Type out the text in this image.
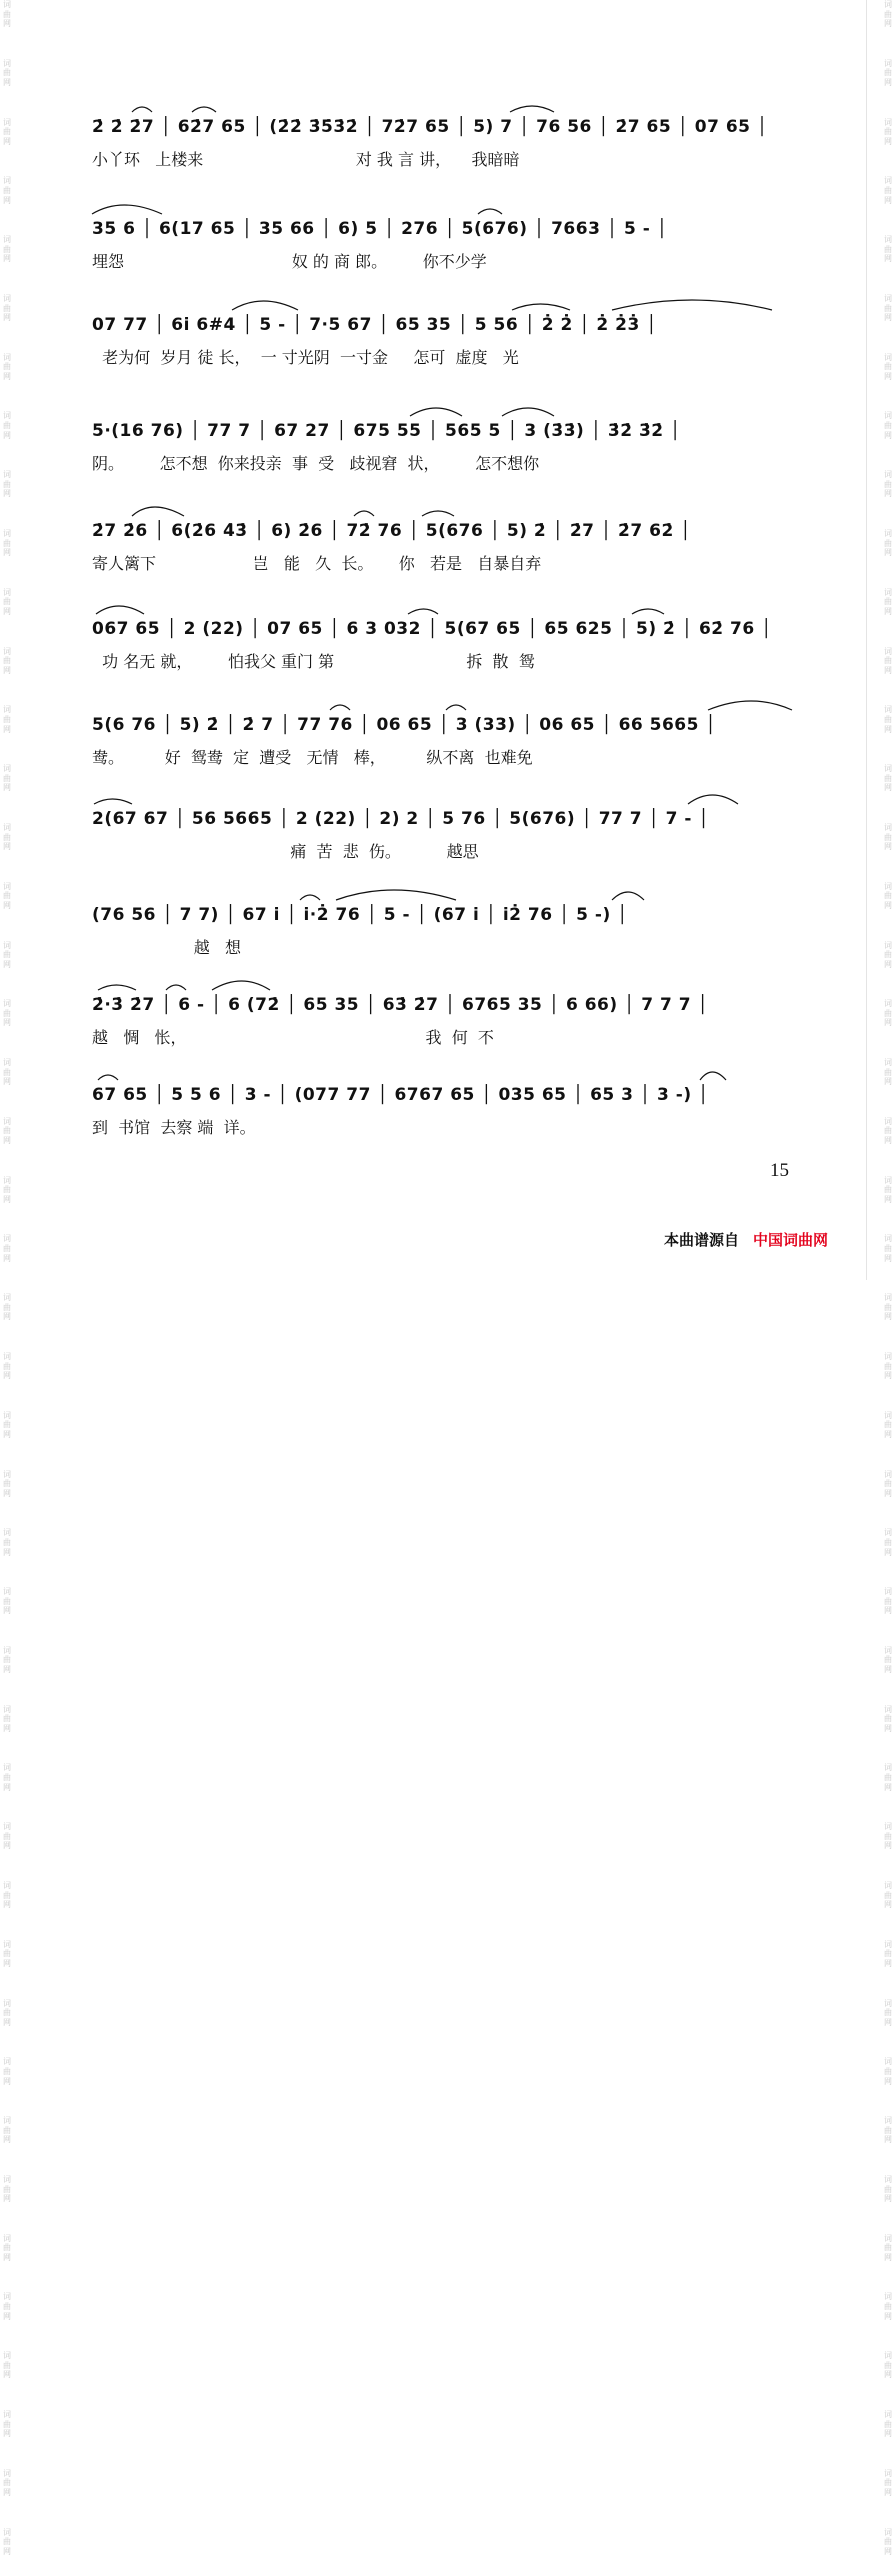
词
曲
网
词
曲
网
词
曲
网
词
曲
网
词
曲
网
词
曲
网
词
曲
网
词
曲
网
词
曲
网
词
曲
网
词
曲
网
词
曲
网
词
曲
网
词
曲
网
词
曲
网
词
曲
网
词
曲
网
词
曲
网
词
曲
网
词
曲
网
词
曲
网
词
曲
网
词
曲
网
词
曲
网
词
曲
网
词
曲
网
词
曲
网
词
曲
网
词
曲
网
词
曲
网
词
曲
网
词
曲
网
词
曲
网
词
曲
网
词
曲
网
词
曲
网
词
曲
网
词
曲
网
词
曲
网
词
曲
网
词
曲
网
词
曲
网
词
曲
网
词
曲
网
词
曲
网
词
曲
网
词
曲
网
词
曲
网
词
曲
网
词
曲
网
词
曲
网
词
曲
网
词
曲
网
词
曲
网
词
曲
网
词
曲
网
词
曲
网
词
曲
网
词
曲
网
词
曲
网
词
曲
网
词
曲
网
词
曲
网
词
曲
网
词
曲
网
词
曲
网
词
曲
网
词
曲
网
词
曲
网
词
曲
网
词
曲
网
词
曲
网
词
曲
网
词
曲
网
词
曲
网
词
曲
网
词
曲
网
词
曲
网
词
曲
网
词
曲
网
词
曲
网
词
曲
网
词
曲
网
词
曲
网
词
曲
网
词
曲
网
词
曲
网
词
曲
网
2̇ 2̇ 2̇7 │ 62̇7 65 │ (2̇2̇ 3̇5̇3̇2̇ │ 72̇7 65 │ 5) 7 │ 76 56 │ 2̇7 65 │ 07 65 │
小丫环   上楼来                              对 我 言 讲，    我暗暗
35 6 │ 6(17 65 │ 35 66 │ 6) 5 │ 276 │ 5(676) │ 7663 │ 5 - │
埋怨                                 奴 的 商 郎。       你不少学
07 77 │ 6i 6#4 │ 5 - │ 7·5 67 │ 65 35 │ 5 56 │ 2̇ 2̇ │ 2̇ 2̇3̇ │
老为何  岁月 徒 长，  一 寸光阴  一寸金     怎可  虚度   光
5·(16 76) │ 77 7 │ 67 27 │ 675 55 │ 565 5 │ 3 (3̇3̇) │ 3̇2̇ 3̇2̇ │
阴。       怎不想  你来投亲  事  受   歧视窘  状，       怎不想你
2̇7 2̇6 │ 6(2̇6 4̇3̇ │ 6) 2̇6 │ 72̇ 76 │ 5(676 │ 5) 2̇ │ 2̇7 │ 2̇7 62̇ │
寄人篱下                   岂   能   久  长。     你   若是   自暴自弃
067 65 │ 2 (22) │ 07 65 │ 6 3 032 │ 5(67 65 │ 65 625 │ 5) 2̇ │ 62̇ 76 │
功 名无 就，       怕我父 重门 第                          拆  散  鸳
5(6 76 │ 5) 2̇ │ 2̇ 7 │ 77 76 │ 06 65 │ 3 (33) │ 06 65 │ 66 5665 │
鸯。        好  鸳鸯  定  遭受   无情   棒，        纵不离  也难免
2(67 67 │ 56 5665 │ 2 (22) │ 2) 2 │ 5 76 │ 5(676) │ 77 7 │ 7 - │
痛  苦  悲  伤。         越思
(76 56 │ 7 7) │ 67 i │ i·2̇ 76 │ 5 - │ (67 i │ i2̇ 76 │ 5 -) │
越   想
2̇·3̇ 2̇7 │ 6 - │ 6 (72̇ │ 65 35 │ 63̇ 2̇7 │ 6765 35 │ 6 66) │ 7 7 7 │
越   惆   怅，                                               我  何  不
67 65 │ 5 5 6 │ 3 - │ (077 77 │ 6767 65 │ 035 65 │ 65 3 │ 3 -) │
到  书馆  去察 端  详。
15
本曲谱源自 中国词曲网
